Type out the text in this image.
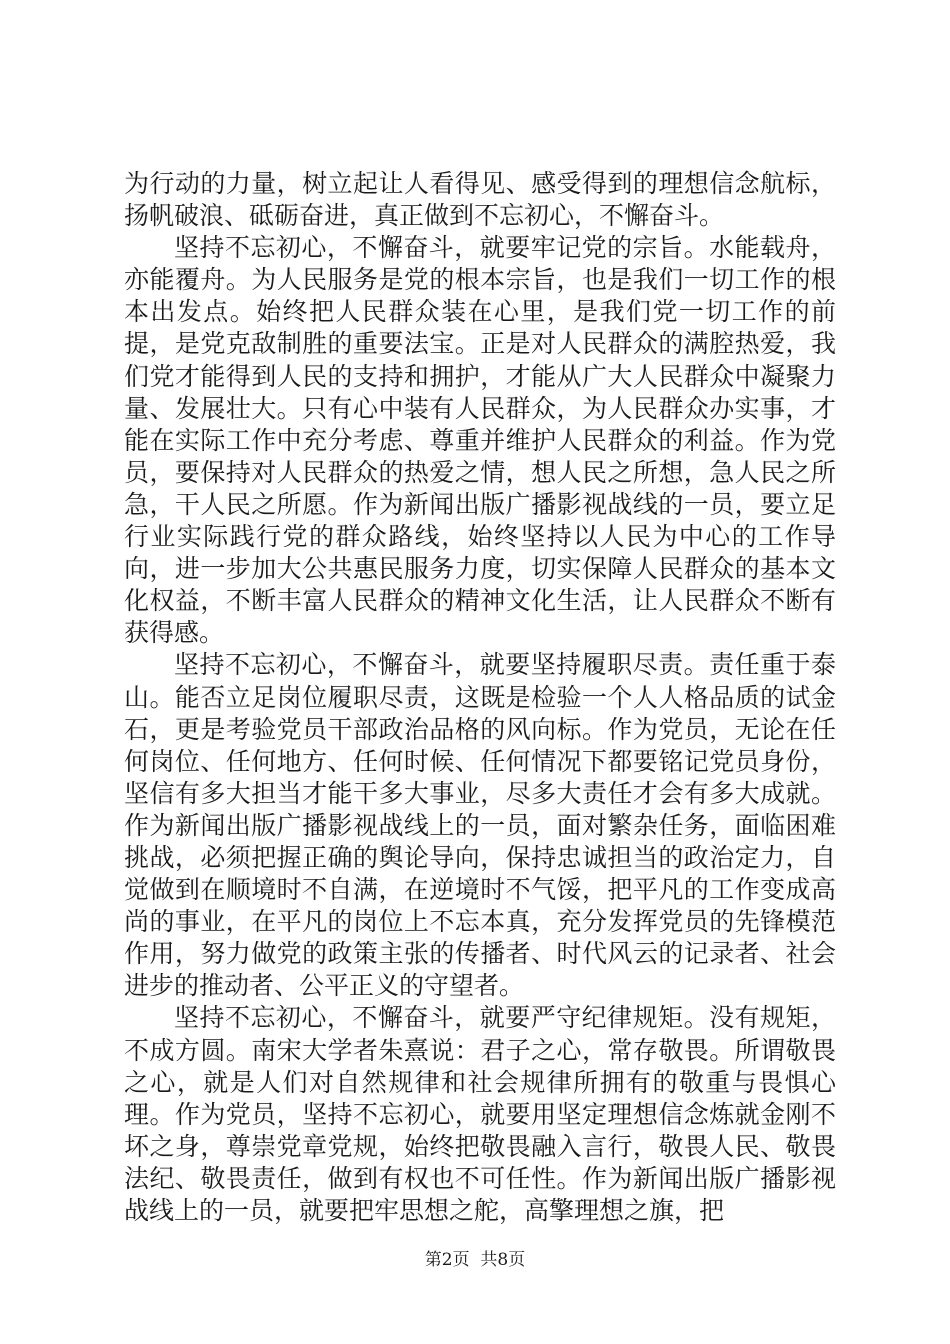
为行动的力量，树立起让人看得见、感受得到的理想信念航标，扬帆破浪、砥砺奋进，真正做到不忘初心，不懈奋斗。

坚持不忘初心，不懈奋斗，就要牢记党的宗旨。水能载舟，亦能覆舟。为人民服务是党的根本宗旨，也是我们一切工作的根本出发点。始终把人民群众装在心里，是我们党一切工作的前提，是党克敌制胜的重要法宝。正是对人民群众的满腔热爱，我们党才能得到人民的支持和拥护，才能从广大人民群众中凝聚力量、发展壮大。只有心中装有人民群众，为人民群众办实事，才能在实际工作中充分考虑、尊重并维护人民群众的利益。作为党员，要保持对人民群众的热爱之情，想人民之所想，急人民之所急，干人民之所愿。作为新闻出版广播影视战线的一员，要立足行业实际践行党的群众路线，始终坚持以人民为中心的工作导向，进一步加大公共惠民服务力度，切实保障人民群众的基本文化权益，不断丰富人民群众的精神文化生活，让人民群众不断有获得感。

坚持不忘初心，不懈奋斗，就要坚持履职尽责。责任重于泰山。能否立足岗位履职尽责，这既是检验一个人人格品质的试金石，更是考验党员干部政治品格的风向标。作为党员，无论在任何岗位、任何地方、任何时候、任何情况下都要铭记党员身份，坚信有多大担当才能干多大事业，尽多大责任才会有多大成就。作为新闻出版广播影视战线上的一员，面对繁杂任务，面临困难挑战，必须把握正确的舆论导向，保持忠诚担当的政治定力，自觉做到在顺境时不自满，在逆境时不气馁，把平凡的工作变成高尚的事业，在平凡的岗位上不忘本真，充分发挥党员的先锋模范作用，努力做党的政策主张的传播者、时代风云的记录者、社会进步的推动者、公平正义的守望者。

坚持不忘初心，不懈奋斗，就要严守纪律规矩。没有规矩，不成方圆。南宋大学者朱熹说：君子之心，常存敬畏。所谓敬畏之心，就是人们对自然规律和社会规律所拥有的敬重与畏惧心理。作为党员，坚持不忘初心，就要用坚定理想信念炼就金刚不坏之身，尊崇党章党规，始终把敬畏融入言行，敬畏人民、敬畏法纪、敬畏责任，做到有权也不可任性。作为新闻出版广播影视战线上的一员，就要把牢思想之舵，高擎理想之旗，把

第2页  共8页
